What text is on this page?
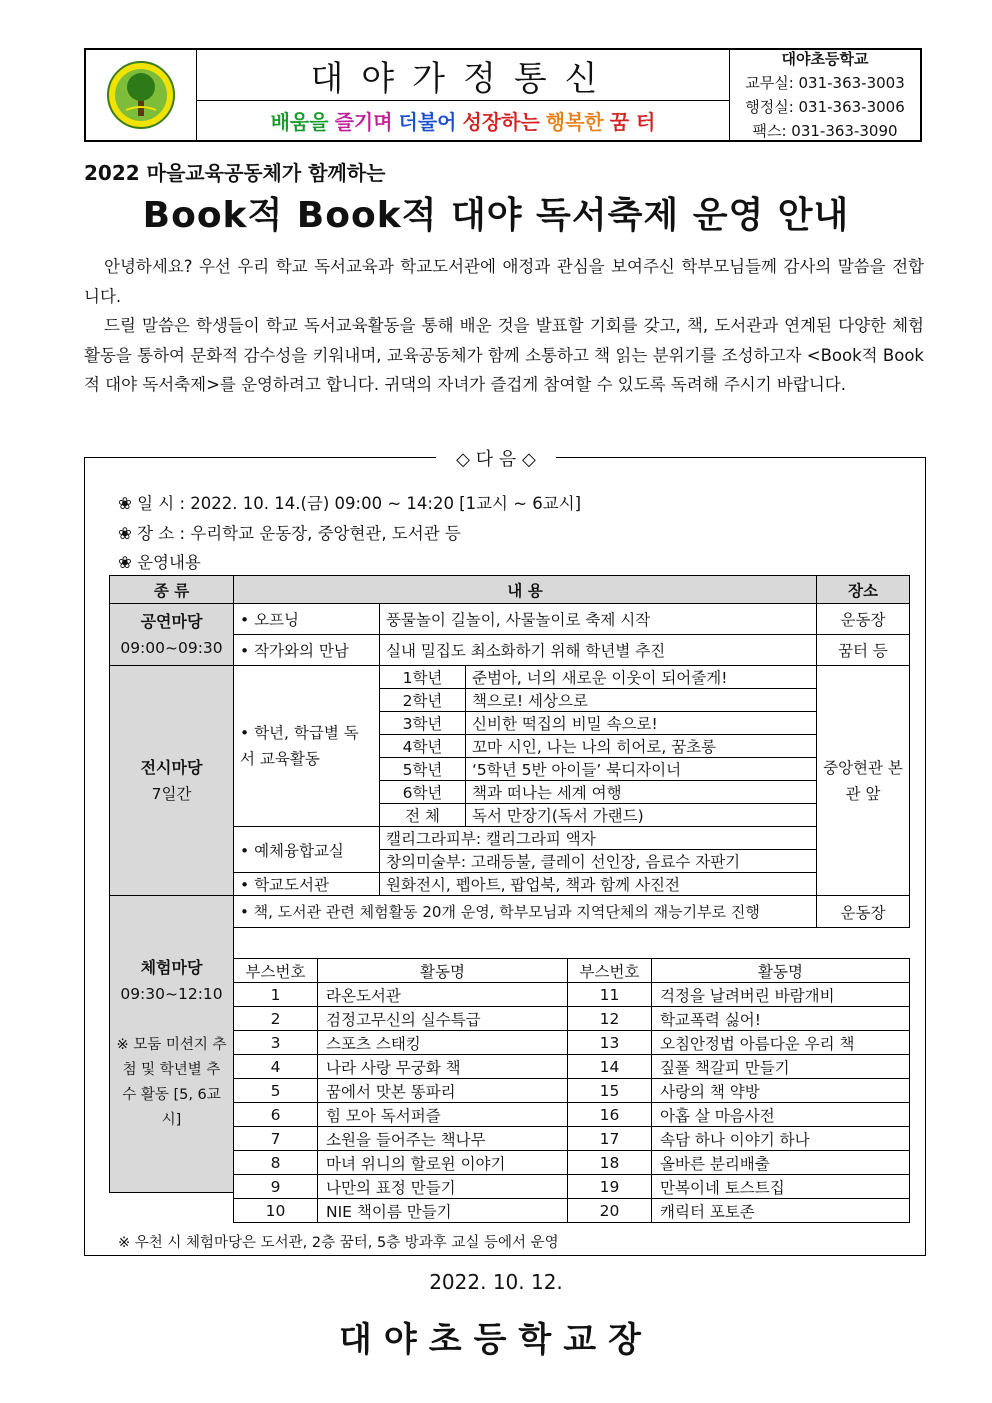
대야가정통신
배움을 즐기며 더불어 성장하는 행복한 꿈 터
대야초등학교
교무실: 031-363-3003
행정실: 031-363-3006
팩스: 031-363-3090
2022 마을교육공동체가 함께하는
Book적 Book적 대야 독서축제 운영 안내

안녕하세요? 우선 우리 학교 독서교육과 학교도서관에 애정과 관심을 보여주신 학부모님들께 감사의 말씀을 전합니다.

드릴 말씀은 학생들이 학교 독서교육활동을 통해 배운 것을 발표할 기회를 갖고, 책, 도서관과 연계된 다양한 체험활동을 통하여 문화적 감수성을 키워내며, 교육공동체가 함께 소통하고 책 읽는 분위기를 조성하고자 <Book적 Book적 대야 독서축제>를 운영하려고 합니다. 귀댁의 자녀가 즐겁게 참여할 수 있도록 독려해 주시기 바랍니다.

◇ 다 음 ◇
❀ 일 시 : 2022. 10. 14.(금) 09:00 ~ 14:20 [1교시 ~ 6교시]
❀ 장 소 : 우리학교 운동장, 중앙현관, 도서관 등
❀ 운영내용
종 류	내 용			장소
공연마당
09:00~09:30	• 오프닝	풍물놀이 길놀이, 사물놀이로 축제 시작		운동장
	• 작가와의 만남	실내 밀집도 최소화하기 위해 학년별 추진		꿈터 등
전시마당
7일간	• 학년, 학급별 독서 교육활동	1학년	준범아, 너의 새로운 이웃이 되어줄게!	중앙현관 본관 앞
		2학년	책으로! 세상으로	
		3학년	신비한 떡집의 비밀 속으로!	
		4학년	꼬마 시인, 나는 나의 히어로, 꿈초롱	
		5학년	‘5학년 5반 아이들’ 북디자이너	
		6학년	책과 떠나는 세계 여행	
		전 체	독서 만장기(독서 가랜드)	
	• 예체융합교실	캘리그라피부: 캘리그라피 액자		
		창의미술부: 고래등불, 클레이 선인장, 음료수 자판기		
	• 학교도서관	원화전시, 펩아트, 팝업북, 책과 함께 사진전		
체험마당
09:30~12:10

※ 모둠 미션지 추첨 및 학년별 추수 활동 [5, 6교시]	• 책, 도서관 관련 체험활동 20개 운영, 학부모님과 지역단체의 재능기부로 진행			운동장

부스번호	활동명	부스번호	활동명
1	라온도서관	11	걱정을 날려버린 바람개비
2	검정고무신의 실수특급	12	학교폭력 싫어!
3	스포츠 스태킹	13	오침안정법 아름다운 우리 책
4	나라 사랑 무궁화 책	14	짚풀 책갈피 만들기
5	꿈에서 맛본 똥파리	15	사랑의 책 약방
6	힘 모아 독서퍼즐	16	아홉 살 마음사전
7	소원을 들어주는 책나무	17	속담 하나 이야기 하나
8	마녀 위니의 할로윈 이야기	18	올바른 분리배출
9	나만의 표정 만들기	19	만복이네 토스트집
10	NIE 책이름 만들기	20	캐릭터 포토존
※ 우천 시 체험마당은 도서관, 2층 꿈터, 5층 방과후 교실 등에서 운영
2022. 10. 12.
대야초등학교장
